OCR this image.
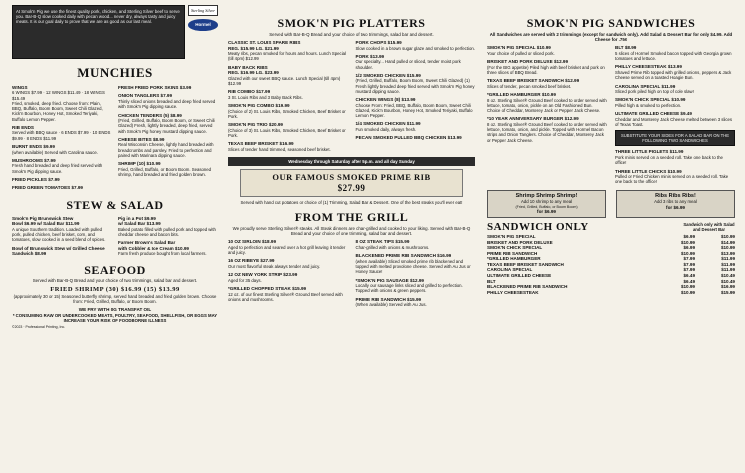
At Smok'n Pig we use the finest quality pork, chicken, and Sterling Silver beef to serve you. Bar-B-Q slow cooked daily with pecan wood... never dry, always tasty and juicy meats. It is our goal daily to prove that we are as good as our last meal.
Sterling Silver
Hormel
MUNCHIES
WINGS
6 WINGS $7.99 · 12 WINGS $11.49 · 18 WINGS $15.49
Fried, smoked, deep fried. Choose from: Plain, BBQ, Buffalo, Boom Boom, Sweet Chili Glazed, Kick'n Bourbon, Honey Hot, Smoked Teriyaki, Buffalo Lemon Pepper.
RIB ENDS
Served with BBQ sauce · 6 ENDS $7.99 · 10 ENDS $9.99 · 8 ENDS $11.99
BURNT ENDS $9.99
(when available) Served with Carolina sauce.
MUSHROOMS $7.99
Fresh hand breaded and deep fried served with Smok'n Pig dipping sauce.
FRIED PICKLES $7.99
FRIED GREEN TOMATOES $7.99
FRESH FRIED PORK SKINS $3.99
ONION TANGLERS $7.99
Thinly sliced onions breaded and deep fried served with Smok'n Pig dipping sauce.
CHICKEN TENDERS (5) $8.99
(Fried, Grilled, Buffalo, Boom Boom, or Sweet Chili Glazed) Fresh, lightly breaded, deep fried, served with Smok'n Pig honey mustard dipping sauce.
CHEESE BITES $8.99
Real Wisconsin Cheese, lightly hand breaded with breadcrumbs and parsley. Fried to perfection and paired with Marinara dipping sauce.
SHRIMP (10) $10.99
Fried, Grilled, Buffalo, or Boom Boom. Seasoned shrimp, hand breaded and fried golden brown.
STEW & SALAD
Smok'n Pig Brunswick Stew
Bowl $6.99 w/ Salad Bar $11.99
A unique Southern tradition. Loaded with pulled pork, pulled chicken, beef brisket, corn, and tomatoes, slow cooked in a seed blend of spices.
Bowl of Brunswick Stew w/ Grilled Cheese Sandwich $8.99
Pig in a Pot $9.99
w/ Salad Bar $13.99
Baked potato filled with pulled pork and topped with cheddar cheese and bacon bits.
Farmer Brown's Salad Bar
with Cobbler & Ice Cream $10.99
Farm fresh produce bought from local farmers.
SEAFOOD
Served with Bar-B-Q Bread and your choice of two trimmings, salad bar and dessert.
FRIED SHRIMP (30) $16.99 (15) $13.99
(approximately 30 or 15) Seasoned butterfly shrimp, served hand breaded and fried golden brown. Choose from: Fried, Grilled, Buffalo, or Boom Boom.
WE FRY WITH 0G TRANSFAT OIL
* CONSUMING RAW OR UNDERCOOKED MEATS, POULTRY, SEAFOOD, SHELLFISH, OR EGGS MAY INCREASE YOUR RISK OF FOODBORNE ILLNESS
©2023 · Professional Printing, Inc.
SMOK'N PIG PLATTERS
Served with Bar-B-Q Bread and your choice of two trimmings, salad bar and dessert.
CLASSIC ST. LOUIS SPARE RIBS
REG. $15.99 LG. $21.99
Meaty ribs, pecan smoked for hours and hours. Lunch Special (till 4pm) $12.99
BABY BACK RIBS
REG. $16.99 LG. $23.99
Glazed with our sweet BBQ sauce. Lunch Special (till 4pm) $12.99
RIB COMBO $17.99
3 St. Louis Ribs and 3 Baby Back Ribs.
SMOK'N PIG COMBO $19.99
(Choice of 2) St. Louis Ribs, Smoked Chicken, Beef Brisket or Pork.
SMOK'N PIG TRIO $20.99
(Choice of 3) St. Louis Ribs, Smoked Chicken, Beef Brisket or Pork.
TEXAS BEEF BRISKET $16.99
Slices of tender hand trimmed, seasoned beef brisket.
PORK CHOPS $15.99
Slow cooked in a brown sugar glaze and smoked to perfection.
PORK $13.99
Our specialty... Hand pulled or sliced, tender moist pork shoulder.
1/2 SMOKED CHICKEN $15.99
(Fried, Grilled, Buffalo, Boom Boom, Sweet Chili Glazed) (1) Fresh lightly breaded deep fried served with Smok'n Pig honey mustard dipping sauce.
CHICKEN WINGS (8) $13.99
Choose From: Fried, BBQ, Buffalo, Boom Boom, Sweet Chili Glazed, Kick'n Bourbon, Honey Hot, Smoked Teriyaki, Buffalo Lemon Pepper.
1/4 SMOKED CHICKEN $11.99
Fun smoked daily, always fresh.
PECAN SMOKED PULLED BBQ CHICKEN $13.99
Wednesday through Saturday after 5p.m. and all day Sunday
OUR FAMOUS SMOKED PRIME RIB
$27.99
Served with hand cut potatoes or choice of (1) Trimming, Salad Bar & Dessert. One of the best steaks you'll ever eat!
FROM THE GRILL
We proudly serve Sterling Silver® steaks. All Steak dinners are char-grilled and cooked to your liking. Served with Bar-B-Q Bread and your choice of one trimming, salad bar and dessert.
10 OZ SIRLOIN $18.99
Aged to perfection and seared over a hot grill leaving it tender and juicy.
16 OZ RIBEYE $27.99
Our most flavorful steak always tender and juicy.
12 OZ NEW YORK STRIP $23.99
Aged for 35 days.
*GRILLED CHOPPED STEAK $15.99
12 oz. of our finest Sterling Silver® Ground Beef served with onions and mushrooms.
8 OZ STEAK TIPS $15.99
Char-grilled with onions & mushrooms.
BLACKENED PRIME RIB SANDWICH $16.99
(when available) Sliced smoked prime rib blackened and topped with melted provolone cheese. Served with Au Jus or Honey Sauce!
*SMOK'N PIG SAUSAGE $12.99
Locally our sausage links sliced and grilled to perfection. Topped with onions & green peppers.
PRIME RIB SANDWICH $15.99
(When available) Served with Au Jus.
SMOK'N PIG SANDWICHES
All Sandwiches are served with 2 trimmings (except for sandwich only). Add Salad & Dessert Bar for only $4.99. Add Cheese for .75¢
SMOK'N PIG SPECIAL $10.99
Your choice of pulled or sliced pork.
BRISKET AND PORK DELUXE $12.99
(For the BIG appetite) Piled high with beef brisket and pork on three slices of BBQ Bread.
TEXAS BEEF BRISKET SANDWICH $12.99
Slices of tender, pecan smoked beef brisket.
*GRILLED HAMBURGER $10.99
8 oz. Sterling Silver® Ground Beef cooked to order served with lettuce, tomato, onion, pickle on an Old Fashioned Bun. Choice of Cheddar, Monterey Jack or Pepper Jack Cheese.
*10 YEAR ANNIVERSARY BURGER $12.99
8 oz. Sterling Silver® Ground Beef cooked to order served with lettuce, tomato, onion, and pickle. Topped with Hormel Bacon strips and Onion Tanglers. Choice of Cheddar, Monterey Jack or Pepper Jack Cheese.
BLT $8.99
5 slices of Hormel Smoked bacon topped with Georgia grown tomatoes and lettuce.
PHILLY CHEESESTEAK $13.99
Shaved Prime Rib topped with grilled onions, peppers & Jack Cheese served on a toasted Hoagie Bun.
CAROLINA SPECIAL $11.99
Sliced pork piled high on top of cole slaw!
SMOK'N CHICK SPECIAL $10.99
Pilled high & smoked to perfection.
ULTIMATE GRILLED CHEESE $9.49
Cheddar and Monterey Jack Cheese melted between 3 slices of Texas Toast.
SUBSTITUTE YOUR SIDES FOR A SALAD BAR ON THE FOLLOWING TWO SANDWICHES
THREE LITTLE PIGLETS $11.99
Pork minis served on a seeded roll. Take one back to the office!
THREE LITTLE CHICKS $10.99
Pulled or Fried Chicken minis served on a seeded roll. Take one back to the office!
Shrimp Shrimp Shrimp!
Add 10 shrimp to any meal
(Fried, Grilled, Buffalo, or Boom Boom)
for $6.99
Ribs Ribs Ribs!
Add 3 ribs to any meal
for $6.99
SANDWICH ONLY	Sandwich only with Salad and Dessert Bar
SMOK'N PIG SPECIAL	$6.99	$10.99
BRISKET AND PORK DELUXE	$10.99	$14.99
SMOK'N CHICK SPECIAL	$6.99	$10.99
PRIME RIB SANDWICH	$10.99	$13.99
*GRILLED HAMBURGER	$7.99	$11.99
TEXAS BEEF BRISKET SANDWICH	$7.99	$11.99
CAROLINA SPECIAL	$7.99	$11.99
ULTIMATE GRILLED CHEESE	$6.49	$10.49
BLT	$6.49	$10.49
BLACKENED PRIME RIB SANDWICH	$10.99	$16.99
PHILLY CHEESESTEAK	$10.99	$15.99
